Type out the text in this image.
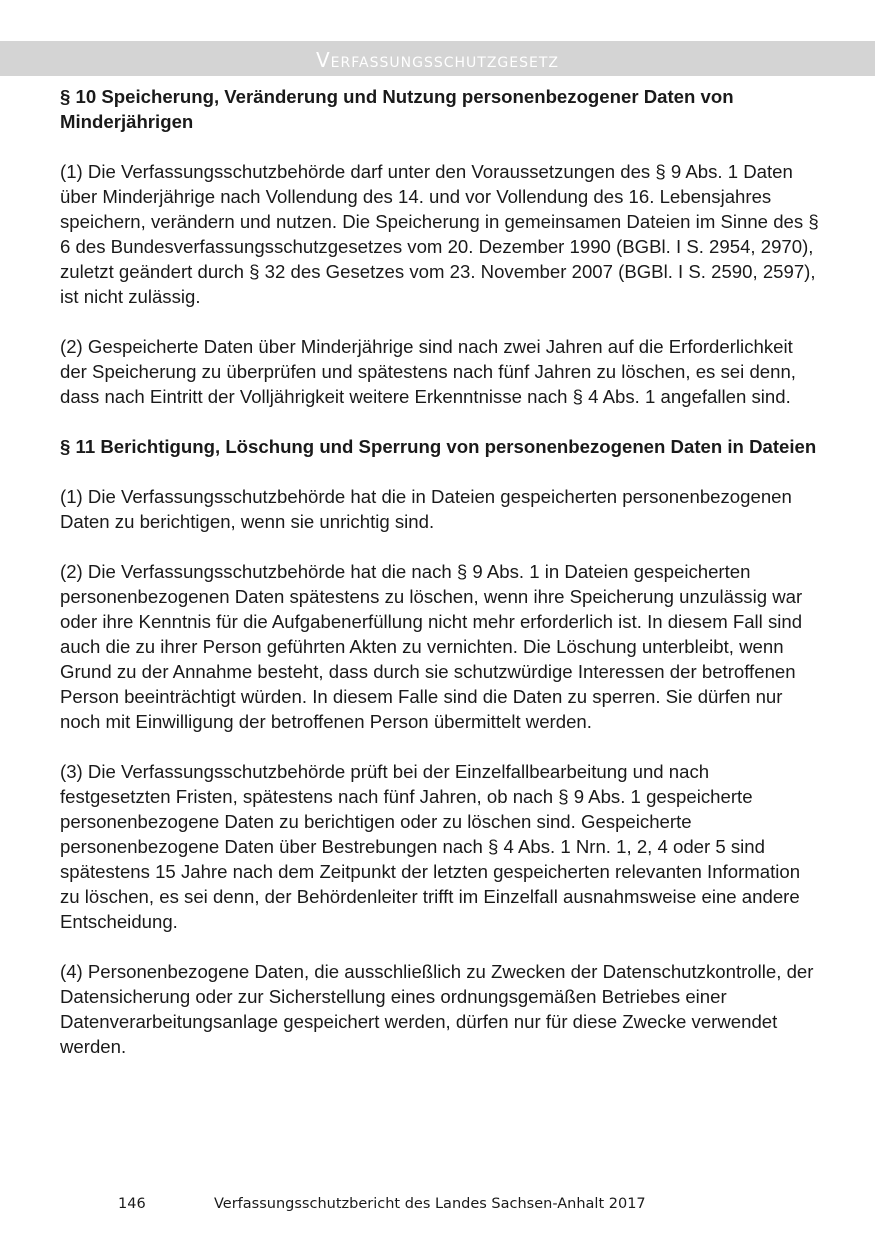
Verfassungsschutzgesetz

§ 10 Speicherung, Veränderung und Nutzung personenbezogener Daten von Minderjährigen

(1) Die Verfassungsschutzbehörde darf unter den Voraussetzungen des § 9 Abs. 1 Daten über Minderjährige nach Vollendung des 14. und vor Vollendung des 16. Lebensjahres speichern, verändern und nutzen. Die Speicherung in gemeinsamen Dateien im Sinne des § 6 des Bundesverfassungsschutzgesetzes vom 20. Dezember 1990 (BGBl. I S. 2954, 2970), zuletzt geändert durch § 32 des Gesetzes vom 23. November 2007 (BGBl. I S. 2590, 2597), ist nicht zulässig.

(2) Gespeicherte Daten über Minderjährige sind nach zwei Jahren auf die Erforderlichkeit der Speicherung zu überprüfen und spätestens nach fünf Jahren zu löschen, es sei denn, dass nach Eintritt der Volljährigkeit weitere Erkenntnisse nach § 4 Abs. 1 angefallen sind.

§ 11 Berichtigung, Löschung und Sperrung von personenbezogenen Daten in Dateien

(1) Die Verfassungsschutzbehörde hat die in Dateien gespeicherten personenbezogenen Daten zu berichtigen, wenn sie unrichtig sind.

(2) Die Verfassungsschutzbehörde hat die nach § 9 Abs. 1 in Dateien gespeicherten personenbezogenen Daten spätestens zu löschen, wenn ihre Speicherung unzulässig war oder ihre Kenntnis für die Aufgabenerfüllung nicht mehr erforderlich ist. In diesem Fall sind auch die zu ihrer Person geführten Akten zu vernichten. Die Löschung unterbleibt, wenn Grund zu der Annahme besteht, dass durch sie schutzwürdige Interessen der betroffenen Person beeinträchtigt würden. In diesem Falle sind die Daten zu sperren. Sie dürfen nur noch mit Einwilligung der betroffenen Person übermittelt werden.

(3) Die Verfassungsschutzbehörde prüft bei der Einzelfallbearbeitung und nach festgesetzten Fristen, spätestens nach fünf Jahren, ob nach § 9 Abs. 1 gespeicherte personenbezogene Daten zu berichtigen oder zu löschen sind. Gespeicherte personenbezogene Daten über Bestrebungen nach § 4 Abs. 1 Nrn. 1, 2, 4 oder 5 sind spätestens 15 Jahre nach dem Zeitpunkt der letzten gespeicherten relevanten Information zu löschen, es sei denn, der Behördenleiter trifft im Einzelfall ausnahmsweise eine andere Entscheidung.

(4) Personenbezogene Daten, die ausschließlich zu Zwecken der Datenschutzkontrolle, der Datensicherung oder zur Sicherstellung eines ordnungsgemäßen Betriebes einer Datenverarbeitungsanlage gespeichert werden, dürfen nur für diese Zwecke verwendet werden.

146	Verfassungsschutzbericht des Landes Sachsen-Anhalt 2017
